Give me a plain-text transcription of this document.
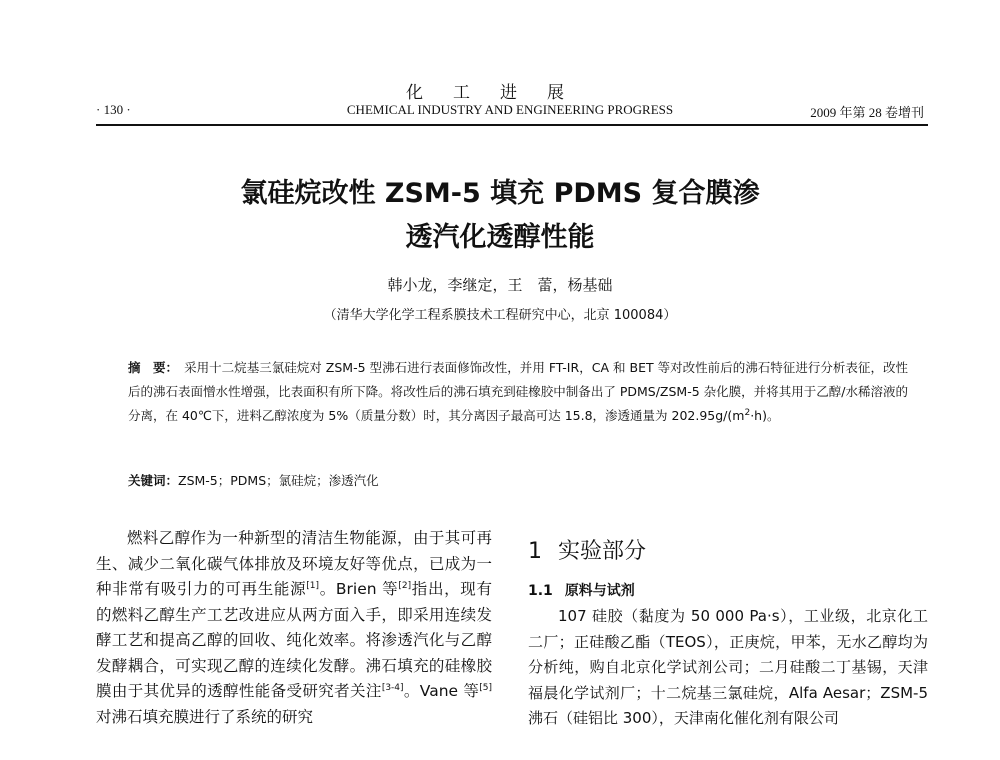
化工进展
· 130 ·	CHEMICAL INDUSTRY AND ENGINEERING PROGRESS	2009 年第 28 卷增刊
氯硅烷改性 ZSM-5 填充 PDMS 复合膜渗
透汽化透醇性能
韩小龙，李继定，王　蕾，杨基础
（清华大学化学工程系膜技术工程研究中心，北京 100084）
摘　要： 采用十二烷基三氯硅烷对 ZSM-5 型沸石进行表面修饰改性，并用 FT-IR，CA 和 BET 等对改性前后的沸石特征进行分析表征，改性后的沸石表面憎水性增强，比表面积有所下降。将改性后的沸石填充到硅橡胶中制备出了 PDMS/ZSM-5 杂化膜，并将其用于乙醇/水稀溶液的分离，在 40℃下，进料乙醇浓度为 5%（质量分数）时，其分离因子最高可达 15.8，渗透通量为 $202.95g/(m^2\cdot h)$。
关键词：ZSM-5；PDMS；氯硅烷；渗透汽化

燃料乙醇作为一种新型的清洁生物能源，由于其可再生、减少二氧化碳气体排放及环境友好等优点，已成为一种非常有吸引力的可再生能源[1]。Brien 等[2]指出，现有的燃料乙醇生产工艺改进应从两方面入手，即采用连续发酵工艺和提高乙醇的回收、纯化效率。将渗透汽化与乙醇发酵耦合，可实现乙醇的连续化发酵。沸石填充的硅橡胶膜由于其优异的透醇性能备受研究者关注[3-4]。Vane 等[5]对沸石填充膜进行了系统的研究

1 实验部分
1.1 原料与试剂

107 硅胶（黏度为 50 000 Pa·s），工业级，北京化工二厂；正硅酸乙酯（TEOS），正庚烷，甲苯，无水乙醇均为分析纯，购自北京化学试剂公司；二月硅酸二丁基锡，天津福晨化学试剂厂；十二烷基三氯硅烷，Alfa Aesar；ZSM-5 沸石（硅铝比 300），天津南化催化剂有限公司
